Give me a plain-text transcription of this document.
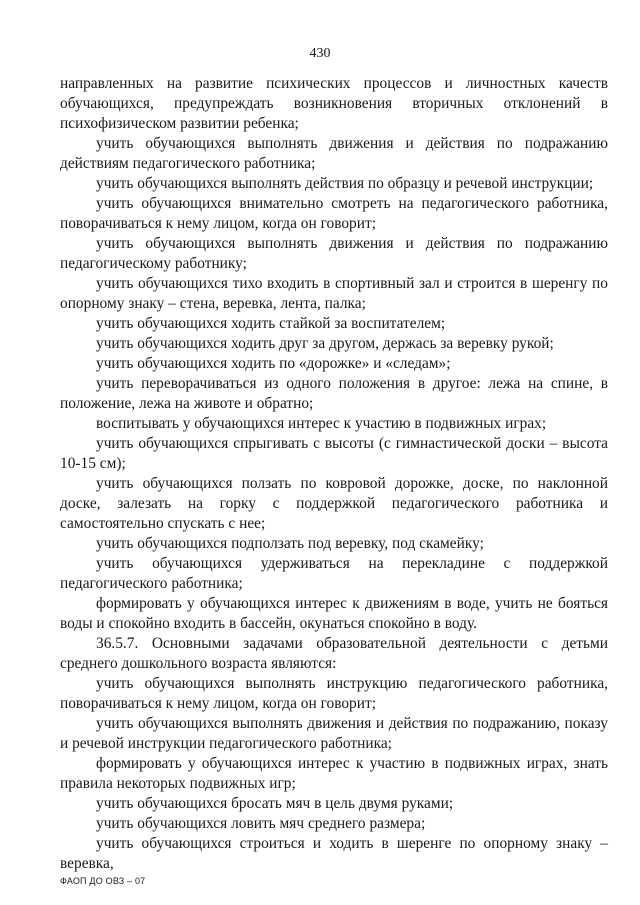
430

направленных на развитие психических процессов и личностных качеств обучающихся, предупреждать возникновения вторичных отклонений в психофизическом развитии ребенка;

учить обучающихся выполнять движения и действия по подражанию действиям педагогического работника;

учить обучающихся выполнять действия по образцу и речевой инструкции;

учить обучающихся внимательно смотреть на педагогического работника, поворачиваться к нему лицом, когда он говорит;

учить обучающихся выполнять движения и действия по подражанию педагогическому работнику;

учить обучающихся тихо входить в спортивный зал и строится в шеренгу по опорному знаку – стена, веревка, лента, палка;

учить обучающихся ходить стайкой за воспитателем;

учить обучающихся ходить друг за другом, держась за веревку рукой;

учить обучающихся ходить по «дорожке» и «следам»;

учить переворачиваться из одного положения в другое: лежа на спине, в положение, лежа на животе и обратно;

воспитывать у обучающихся интерес к участию в подвижных играх;

учить обучающихся спрыгивать с высоты (с гимнастической доски – высота 10-15 см);

учить обучающихся ползать по ковровой дорожке, доске, по наклонной доске, залезать на горку с поддержкой педагогического работника и самостоятельно спускать с нее;

учить обучающихся подползать под веревку, под скамейку;

учить обучающихся удерживаться на перекладине с поддержкой педагогического работника;

формировать у обучающихся интерес к движениям в воде, учить не бояться воды и спокойно входить в бассейн, окунаться спокойно в воду.

36.5.7. Основными задачами образовательной деятельности с детьми среднего дошкольного возраста являются:

учить обучающихся выполнять инструкцию педагогического работника, поворачиваться к нему лицом, когда он говорит;

учить обучающихся выполнять движения и действия по подражанию, показу и речевой инструкции педагогического работника;

формировать у обучающихся интерес к участию в подвижных играх, знать правила некоторых подвижных игр;

учить обучающихся бросать мяч в цель двумя руками;

учить обучающихся ловить мяч среднего размера;

учить обучающихся строиться и ходить в шеренге по опорному знаку – веревка,

ФАОП ДО ОВЗ – 07
